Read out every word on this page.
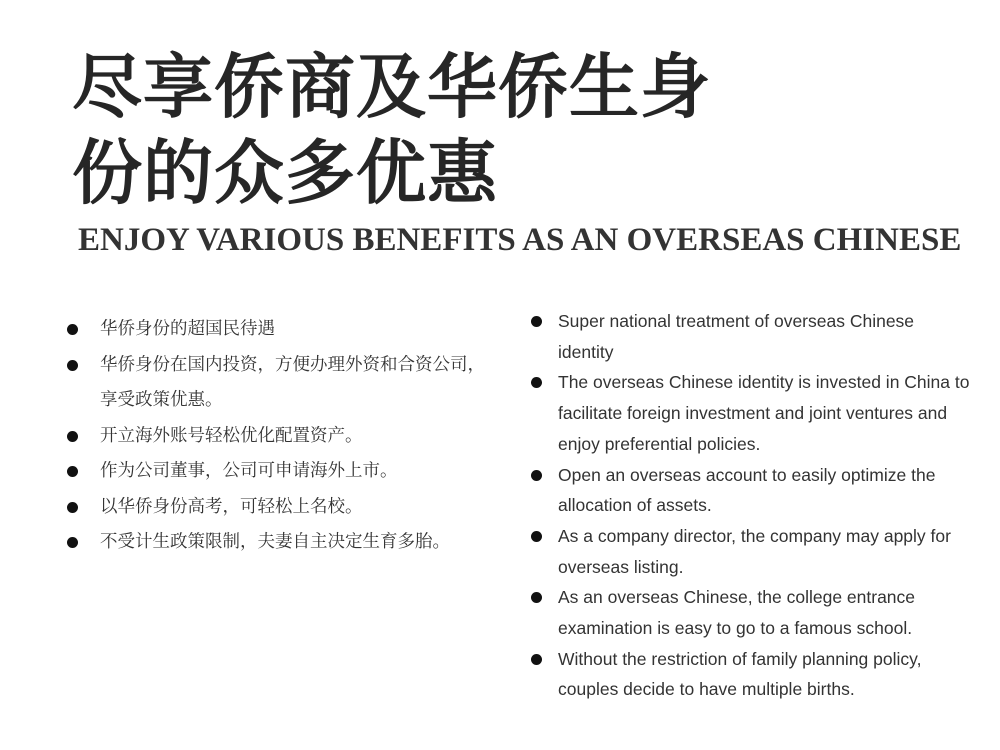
尽享侨商及华侨生身
份的众多优惠
ENJOY VARIOUS BENEFITS AS AN OVERSEAS CHINESE
华侨身份的超国民待遇
华侨身份在国内投资，方便办理外资和合资公司，享受政策优惠。
开立海外账号轻松优化配置资产。
作为公司董事，公司可申请海外上市。
以华侨身份高考，可轻松上名校。
不受计生政策限制，夫妻自主决定生育多胎。
Super national treatment of overseas Chinese identity
The overseas Chinese identity is invested in China to facilitate foreign investment and joint ventures and enjoy preferential policies.
Open an overseas account to easily optimize the allocation of assets.
As a company director, the company may apply for overseas listing.
As an overseas Chinese, the college entrance examination is easy to go to a famous school.
Without the restriction of family planning policy, couples decide to have multiple births.
